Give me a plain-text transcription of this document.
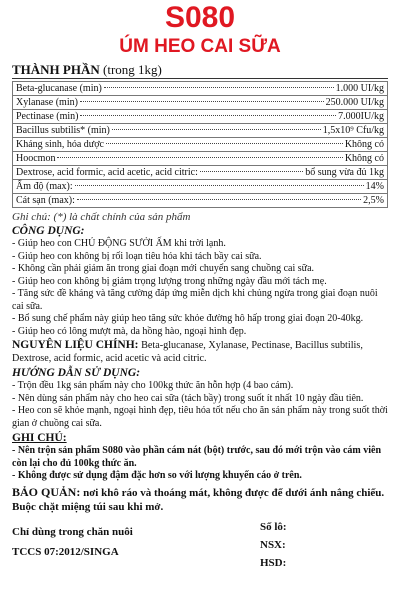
S080
ÚM HEO CAI SỮA
THÀNH PHẦN (trong 1kg)
Beta-glucanase (min)	1.000 UI/kg

Xylanase (min)	250.000 UI/kg

Pectinase (min)	7.000IU/kg

Bacillus subtilis* (min)	1,5x10⁹ Cfu/kg

Kháng sinh, hóa dược	Không có

Hoocmon	Không có

Dextrose, acid formic, acid acetic, acid citric:	bổ sung vừa đủ 1kg

Ẩm độ (max):	14%

Cát sạn (max):	2,5%
Ghi chú: (*) là chất chính của sản phẩm
CÔNG DỤNG:
- Giúp heo con CHỦ ĐỘNG SƯỞI ẤM khi trời lạnh.
- Giúp heo con không bị rối loạn tiêu hóa khi tách bầy cai sữa.
- Không cần phải giảm ăn trong giai đoạn mới chuyển sang chuồng cai sữa.
- Giúp heo con không bị giảm trọng lượng trong những ngày đầu mới tách mẹ.
- Tăng sức đề kháng và tăng cường đáp ứng miễn dịch khi chủng ngừa trong giai đoạn nuôi cai sữa.
- Bổ sung chế phẩm này giúp heo tăng sức khỏe đường hô hấp trong giai đoạn 20-40kg.
- Giúp heo có lông mượt mà, da hồng hào, ngoại hình đẹp.
NGUYÊN LIỆU CHÍNH: Beta-glucanase, Xylanase, Pectinase, Bacillus subtilis, Dextrose, acid formic, acid acetic và acid citric.
HƯỚNG DẪN SỬ DỤNG:
- Trộn đều 1kg sản phẩm này cho 100kg thức ăn hỗn hợp (4 bao cám).
- Nên dùng sản phẩm này cho heo cai sữa (tách bầy) trong suốt ít nhất 10 ngày đầu tiên.
- Heo con sẽ khỏe mạnh, ngoại hình đẹp, tiêu hóa tốt nếu cho ăn sản phẩm này trong suốt thời gian ở chuồng cai sữa.
GHI CHÚ:
- Nên trộn sản phẩm S080 vào phần cám nát (bột) trước, sau đó mới trộn vào cám viên còn lại cho đủ 100kg thức ăn.
- Không được sử dụng đậm đặc hơn so với lượng khuyến cáo ở trên.
BẢO QUẢN: nơi khô ráo và thoáng mát, không được để dưới ánh nắng chiếu. Buộc chặt miệng túi sau khi mở.
Chỉ dùng trong chăn nuôi
TCCS 07:2012/SINGA
Số lô:
NSX:
HSD:
